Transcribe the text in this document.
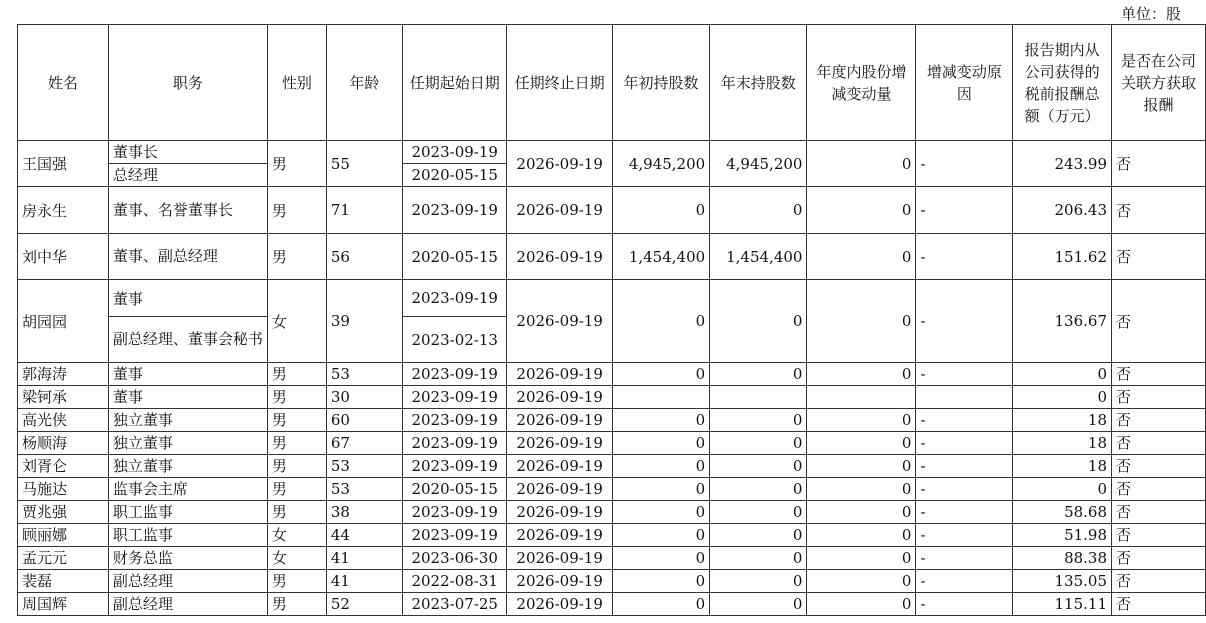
单位：股
姓名	职务	性别	年龄	任期起始日期	任期终止日期	年初持股数	年末持股数	年度内股份增减变动量	增减变动原因	报告期内从公司获得的税前报酬总额（万元）	是否在公司关联方获取报酬
王国强	董事长	男	55	2023-09-19	2026-09-19	4,945,200	4,945,200	0	-	243.99	否
	总经理			2020-05-15							
房永生	董事、名誉董事长	男	71	2023-09-19	2026-09-19	0	0	0	-	206.43	否
刘中华	董事、副总经理	男	56	2020-05-15	2026-09-19	1,454,400	1,454,400	0	-	151.62	否
胡园园	董事	女	39	2023-09-19	2026-09-19	0	0	0	-	136.67	否
	副总经理、董事会秘书			2023-02-13							
郭海涛	董事	男	53	2023-09-19	2026-09-19	0	0	0	-	0	否
梁钶承	董事	男	30	2023-09-19	2026-09-19					0	否
高光侠	独立董事	男	60	2023-09-19	2026-09-19	0	0	0	-	18	否
杨顺海	独立董事	男	67	2023-09-19	2026-09-19	0	0	0	-	18	否
刘胥仑	独立董事	男	53	2023-09-19	2026-09-19	0	0	0	-	18	否
马施达	监事会主席	男	53	2020-05-15	2026-09-19	0	0	0	-	0	否
贾兆强	职工监事	男	38	2023-09-19	2026-09-19	0	0	0	-	58.68	否
顾丽娜	职工监事	女	44	2023-09-19	2026-09-19	0	0	0	-	51.98	否
孟元元	财务总监	女	41	2023-06-30	2026-09-19	0	0	0	-	88.38	否
裴磊	副总经理	男	41	2022-08-31	2026-09-19	0	0	0	-	135.05	否
周国辉	副总经理	男	52	2023-07-25	2026-09-19	0	0	0	-	115.11	否
